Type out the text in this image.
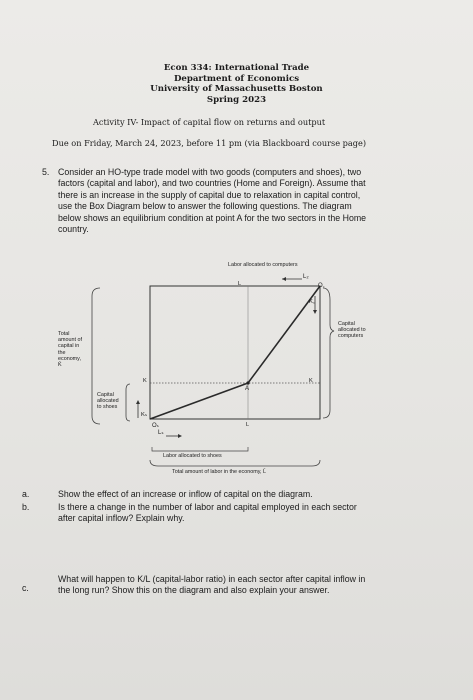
Econ 334: International Trade
Department of Economics
University of Massachusetts Boston
Spring 2023
Activity IV- Impact of capital flow on returns and output
Due on Friday, March 24, 2023, before 11 pm (via Blackboard course page)
5. Consider an HO-type trade model with two goods (computers and shoes), two
factors (capital and labor), and two countries (Home and Foreign). Assume that
there is an increase in the supply of capital due to relaxation in capital control,
use the Box Diagram below to answer the following questions. The diagram
below shows an equilibrium condition at point A for the two sectors in the Home
country.
Labor allocated to computers
L₂
O꜀
K꜀
Capital
allocated to
computers
Total
amount of
capital in
the
economy,
K̄
Capital
allocated
to shoes
Kₛ
Oₛ
Lₛ
A
K	K
L
L
Labor allocated to shoes
Total amount of labor in the economy, L̄
a.	Show the effect of an increase or inflow of capital on the diagram.
b.	Is there a change in the number of labor and capital employed in each sector
after capital inflow? Explain why.
c.
What will happen to K/L (capital-labor ratio) in each sector after capital inflow in
the long run? Show this on the diagram and also explain your answer.
